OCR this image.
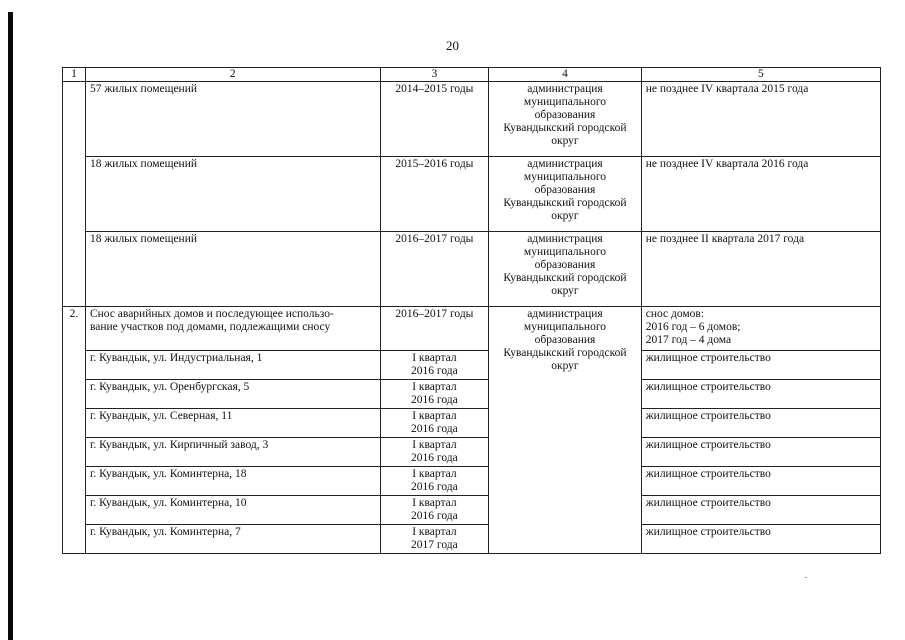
20
1	2	3	4	5
	57 жилых помещений	2014–2015 годы	администрация
муниципального
образования
Кувандыкский городской
округ	не позднее IV квартала 2015 года
	18 жилых помещений	2015–2016 годы	администрация
муниципального
образования
Кувандыкский городской
округ	не позднее IV квартала 2016 года
	18 жилых помещений	2016–2017 годы	администрация
муниципального
образования
Кувандыкский городской
округ	не позднее II квартала 2017 года
2.	Снос аварийных домов и последующее использо-
вание участков под домами, подлежащими сносу	2016–2017 годы	администрация
муниципального
образования
Кувандыкский городской
округ	снос домов:
2016 год – 6 домов;
2017 год – 4 дома
	г. Кувандык, ул. Индустриальная, 1	I квартал
2016 года		жилищное строительство
	г. Кувандык, ул. Оренбургская, 5	I квартал
2016 года		жилищное строительство
	г. Кувандык, ул. Северная, 11	I квартал
2016 года		жилищное строительство
	г. Кувандык, ул. Кирпичный завод, 3	I квартал
2016 года		жилищное строительство
	г. Кувандык, ул. Коминтерна, 18	I квартал
2016 года		жилищное строительство
	г. Кувандык, ул. Коминтерна, 10	I квартал
2016 года		жилищное строительство
	г. Кувандык, ул. Коминтерна, 7	I квартал
2017 года		жилищное строительство
